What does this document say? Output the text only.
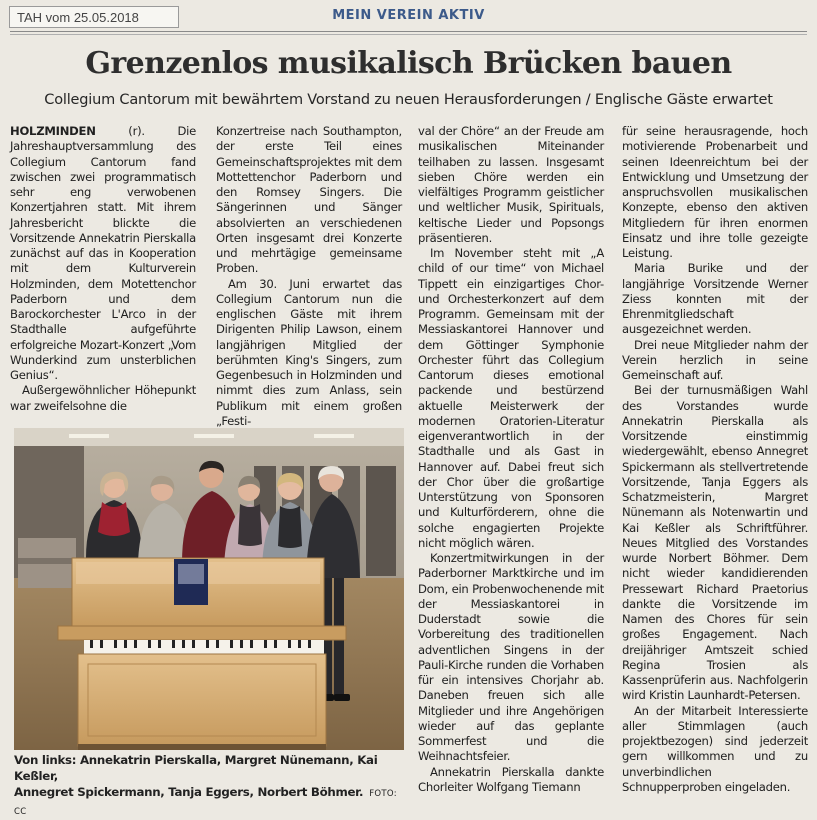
TAH vom 25.05.2018	MEIN VEREIN AKTIV
Grenzenlos musikalisch Brücken bauen
Collegium Cantorum mit bewährtem Vorstand zu neuen Herausforderungen / Englische Gäste erwartet

HOLZMINDEN (r). Die Jahreshauptversammlung des Collegium Cantorum fand zwischen zwei programmatisch sehr eng verwobenen Konzertjahren statt. Mit ihrem Jahresbericht blickte die Vorsitzende Annekatrin Pierskalla zunächst auf das in Kooperation mit dem Kulturverein Holzminden, dem Motettenchor Paderborn und dem Barockorchester L'Arco in der Stadthalle aufgeführte erfolgreiche Mozart-Konzert „Vom Wunderkind zum unsterblichen Genius“.

Außergewöhnlicher Höhepunkt war zweifelsohne die

Konzertreise nach Southampton, der erste Teil eines Gemeinschaftsprojektes mit dem Mottettenchor Paderborn und den Romsey Singers. Die Sängerinnen und Sänger absolvierten an verschiedenen Orten insgesamt drei Konzerte und mehrtägige gemeinsame Proben.

Am 30. Juni erwartet das Collegium Cantorum nun die englischen Gäste mit ihrem Dirigenten Philip Lawson, einem langjährigen Mitglied der berühmten King's Singers, zum Gegenbesuch in Holzminden und nimmt dies zum Anlass, sein Publikum mit einem großen „Festi-

val der Chöre“ an der Freude am musikalischen Miteinander teilhaben zu lassen. Insgesamt sieben Chöre werden ein vielfältiges Programm geistlicher und weltlicher Musik, Spirituals, keltische Lieder und Popsongs präsentieren.

Im November steht mit „A child of our time“ von Michael Tippett ein einzigartiges Chor- und Orchesterkonzert auf dem Programm. Gemeinsam mit der Messiaskantorei Hannover und dem Göttinger Symphonie Orchester führt das Collegium Cantorum dieses emotional packende und bestürzend aktuelle Meisterwerk der modernen Oratorien-Literatur eigenverantwortlich in der Stadthalle und als Gast in Hannover auf. Dabei freut sich der Chor über die großartige Unterstützung von Sponsoren und Kulturförderern, ohne die solche engagierten Projekte nicht möglich wären.

Konzertmitwirkungen in der Paderborner Marktkirche und im Dom, ein Probenwochenende mit der Messiaskantorei in Duderstadt sowie die Vorbereitung des traditionellen adventlichen Singens in der Pauli-Kirche runden die Vorhaben für ein intensives Chorjahr ab. Daneben freuen sich alle Mitglieder und ihre Angehörigen wieder auf das geplante Sommerfest und die Weihnachtsfeier.

Annekatrin Pierskalla dankte Chorleiter Wolfgang Tiemann

für seine herausragende, hoch motivierende Probenarbeit und seinen Ideenreichtum bei der Entwicklung und Umsetzung der anspruchsvollen musikalischen Konzepte, ebenso den aktiven Mitgliedern für ihren enormen Einsatz und ihre tolle gezeigte Leistung.

Maria Burike und der langjährige Vorsitzende Werner Ziess konnten mit der Ehrenmitgliedschaft ausgezeichnet werden.

Drei neue Mitglieder nahm der Verein herzlich in seine Gemeinschaft auf.

Bei der turnusmäßigen Wahl des Vorstandes wurde Annekatrin Pierskalla als Vorsitzende einstimmig wiedergewählt, ebenso Annegret Spickermann als stellvertretende Vorsitzende, Tanja Eggers als Schatzmeisterin, Margret Nünemann als Notenwartin und Kai Keßler als Schriftführer. Neues Mitglied des Vorstandes wurde Norbert Böhmer. Dem nicht wieder kandidierenden Pressewart Richard Praetorius dankte die Vorsitzende im Namen des Chores für sein großes Engagement. Nach dreijähriger Amtszeit schied Regina Trosien als Kassenprüferin aus. Nachfolgerin wird Kristin Launhardt-Petersen.

An der Mitarbeit Interessierte aller Stimmlagen (auch projektbezogen) sind jederzeit gern willkommen und zu unverbindlichen Schnupperproben eingeladen.

Von links: Annekatrin Pierskalla, Margret Nünemann, Kai Keßler,
Annegret Spickermann, Tanja Eggers, Norbert Böhmer. FOTO: CC
